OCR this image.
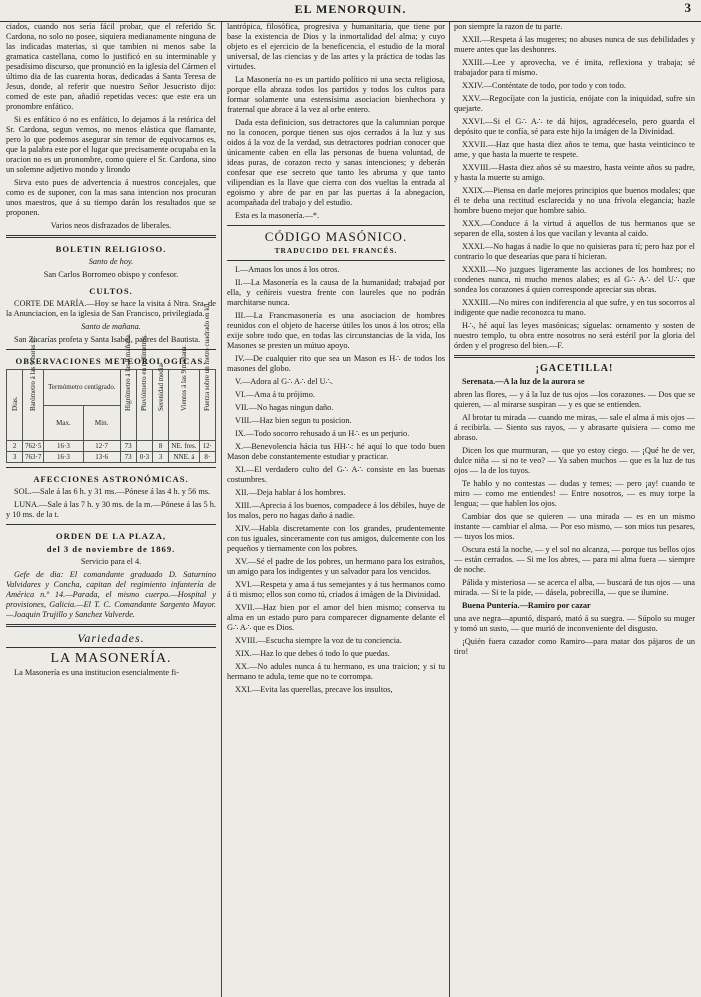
EL MENORQUIN.	3

ciados, cuando nos sería fácil probar, que el referido Sr. Cardona, no solo no posee, siquiera medianamente ninguna de las indicadas materias, si que tambien ni menos sabe la gramatica castellana, como lo justificó en su interminable y pesadísimo discurso, que pronunció en la iglesia del Cármen el último dia de las cuarenta horas, dedicadas á Santa Teresa de Jesus, donde, al referir que nuestro Señor Jesucristo dijo: comed de este pan, añadió repetidas veces: que este era un pronombre enfático.

Si es enfático ó no es enfático, lo dejamos á la retórica del Sr. Cardona, segun vemos, no menos elástica que flamante, pero lo que podemos asegurar sin temor de equivocarnos es, que la palabra este por el lugar que precisamente ocupaba en la oracion no es un pronombre, como quiere el Sr. Cardona, sino un solemne adjetivo mondo y lirondo

Sirva esto pues de advertencia á nuestros concejales, que como es de suponer, con la mas sana intencion nos procuran unos maestros, que á su tiempo darán los resultados que se proponen.

Varios neos disfrazados de liberales.

BOLETIN RELIGIOSO.

Santo de hoy.

San Carlos Borromeo obispo y confesor.

CULTOS.

CORTE DE MARÍA.—Hoy se hace la visita á Ntra. Sra. de la Anunciacion, en la iglesia de San Francisco, privilegiada.

Santo de mañana.

San Zacarías profeta y Santa Isabel, padres del Bautista.

OBSERVACIONES METEOROLOGICAS.
Dias.	Barómetro á las 9 horas m.	Termómetro centígrado.		Higrómetro á las 9 mañana.	Pluviómetro en milímetros.	Serenidad media	Vientos á las 9 mañana.	Fuerza sobre un metro cuadrado en kil.
		Max.	Min.					
2	762·5	16·3	12·7	73		8	NE. fres.	12·
3	763·7	16·3	13·6	73	0·3	3	NNE. á	8·
AFECCIONES ASTRONÓMICAS.

SOL.—Sale á las 6 h. y 31 ms.—Pónese á las 4 h. y 56 ms.

LUNA.—Sale á las 7 h. y 30 ms. de la m.—Pónese á las 5 h. y 10 ms. de la t.

ORDEN DE LA PLAZA,
del 3 de noviembre de 1869.

Servicio para el 4.

Gefe de dia: El comandante graduado D. Saturnino Valvidares y Concha, capitan del regimiento infantería de América n.º 14.—Parada, el mismo cuerpo.—Hospital y provisiones, Galicia.—El T. C. Comandante Sargento Mayor.—Joaquin Trujillo y Sanchez Valverde.

Variedades.
LA MASONERÍA.

La Masonería es una institucion esencialmente fi-

lantrópica, filosófica, progresiva y humanitaria, que tiene por base la existencia de Dios y la inmortalidad del alma; y cuyo objeto es el ejercicio de la beneficencia, el estudio de la moral universal, de las ciencias y de las artes y la práctica de todas las virtudes.

La Masonería no es un partido político ni una secta religiosa, porque ella abraza todos los partidos y todos los cultos para formar solamente una estensísima asociacion bienhechora y fraternal que abrace á la vez al orbe entero.

Dada esta definicion, sus detractores que la calumnian porque no la conocen, porque tienen sus ojos cerrados á la luz y sus oidos á la voz de la verdad, sus detractores podrian conocer que únicamente caben en ella las personas de buena voluntad, de ideas puras, de corazon recto y sanas intenciones; y deberán confesar que ese secreto que tanto les abruma y que tanto vilipendian es la llave que cierra con dos vueltas la entrada al egoismo y abre de par en par las puertas á la abnegacion, acompañada del trabajo y del estudio.

Esta es la masonería.—*.

CÓDIGO MASÓNICO.
TRADUCIDO DEL FRANCÉS.

I.—Amaos los unos á los otros.

II.—La Masonería es la causa de la humanidad; trabajad por ella, y ceñíreis vuestra frente con laureles que no podrán marchitarse nunca.

III.—La Francmasonería es una asociacion de hombres reunidos con el objeto de hacerse útiles los unos á los otros; ella exije sobre todo que, en todas las circunstancias de la vida, los Masones se presten un mútuo apoyo.

IV.—De cualquier rito que sea un Mason es H∴ de todos los masones del globo.

V.—Adora al G∴ A∴ del U∴.

VI.—Ama á tu prójimo.

VII.—No hagas ningun daño.

VIII.—Haz bien segun tu posicion.

IX.—Todo socorro rehusado á un H∴ es un perjurio.

X.—Benevolencia hácia tus HH∴: hé aquí lo que todo buen Mason debe constantemente estudiar y practicar.

XI.—El verdadero culto del G∴ A∴ consiste en las buenas costumbres.

XII.—Deja hablar á los hombres.

XIII.—Aprecia á los buenos, compadece á los débiles, huye de los malos, pero no hagas daño á nadie.

XIV.—Habla discretamente con los grandes, prudentemente con tus iguales, sinceramente con tus amigos, dulcemente con los pequeños y tiernamente con los pobres.

XV.—Sé el padre de los pobres, un hermano para los estraños, un amigo para los indigentes y un salvador para los vencidos.

XVI.—Respeta y ama á tus semejantes y á tus hermanos como á ti mismo; ellos son como tú, criados á imágen de la Divinidad.

XVII.—Haz bien por el amor del bien mismo; conserva tu alma en un estado puro para comparecer dignamente delante el G∴ A∴ que es Dios.

XVIII.—Escucha siempre la voz de tu conciencia.

XIX.—Haz lo que debes ó todo lo que puedas.

XX.—No adules nunca á tu hermano, es una traicion; y si tu hermano te adula, teme que no te corrompa.

XXI.—Evita las querellas, precave los insultos,

pon siempre la razon de tu parte.

XXII.—Respeta á las mugeres; no abuses nunca de sus debilidades y muere antes que las deshonres.

XXIII.—Lee y aprovecha, ve é imita, reflexiona y trabaja; sé trabajador para tí mismo.

XXIV.—Conténtate de todo, por todo y con todo.

XXV.—Regocíjate con la justicia, enójate con la iniquidad, sufre sin quejarte.

XXVI.—Si el G∴ A∴ te dá hijos, agradéceselo, pero guarda el depósito que te confía, sé para este hijo la imágen de la Divinidad.

XXVII.—Haz que hasta diez años te tema, que hasta veinticinco te ame, y que hasta la muerte te respete.

XXVIII.—Hasta diez años sé su maestro, hasta veinte años su padre, y hasta la muerte su amigo.

XXIX.—Piensa en darle mejores principios que buenos modales; que él te deba una rectitud esclarecida y no una frívola elegancia; hazle hombre bueno mejor que hombre sabio.

XXX.—Conduce á la virtud á aquellos de tus hermanos que se separen de ella, sosten á los que vacilan y levanta al caido.

XXXI.—No hagas á nadie lo que no quisieras para tí; pero haz por el contrario lo que desearías que para tí hicieran.

XXXII.—No juzgues ligeramente las acciones de los hombres; no condenes nunca, ni mucho menos alabes; es al G∴ A∴ del U∴ que sondea los corazones á quien corresponde apreciar sus obras.

XXXIII.—No mires con indiferencia al que sufre, y en tus socorros al indigente que nadie reconozca tu mano.

H∴, hé aquí las leyes masónicas; síguelas: ornamento y sosten de nuestro templo, tu obra entre nosotros no será estéril por la gloria del órden y el progreso del bien.—F.

¡GACETILLA!

Serenata.—A la luz de la aurora se

abren las flores, — y á la luz de tus ojos —los corazones. — Dos que se quieren, — al mirarse suspiran — y es que se entienden.

Al brotar tu mirada — cuando me miras, — sale el alma á mis ojos — á recibirla. — Siento sus rayos, — y abrasarte quisiera — como me abraso.

Dicen los que murmuran, — que yo estoy ciego. — ¡Qué he de ver, dulce niña — si no te veo? — Ya saben muchos — que es la luz de tus ojos — la de los tuyos.

Te hablo y no contestas — dudas y temes; — pero ¡ay! cuando te miro — como me entiendes! — Entre nosotros, — es muy torpe la lengua; — que hablen los ojos.

Cambiar dos que se quieren — una mirada — es en un mismo instante — cambiar el alma. — Por eso mismo, — son mios tus pesares, — tuyos los mios.

Oscura está la noche, — y el sol no alcanza, — porque tus bellos ojos — están cerrados. — Si me los abres, — para mi alma fuera — siempre de noche.

Pálida y misteriosa — se acerca el alba, — buscará de tus ojos — una mirada. — Si te la pide, — dásela, pobrecilla, — que se ilumine.

Buena Puntería.—Ramiro por cazar

una ave negra—apuntó, disparó, mató á su suegra. — Súpolo su muger y tomó un susto, — que murió de inconveniente del disgusto.

¡Quién fuera cazador como Ramiro—para matar dos pájaros de un tiro!
